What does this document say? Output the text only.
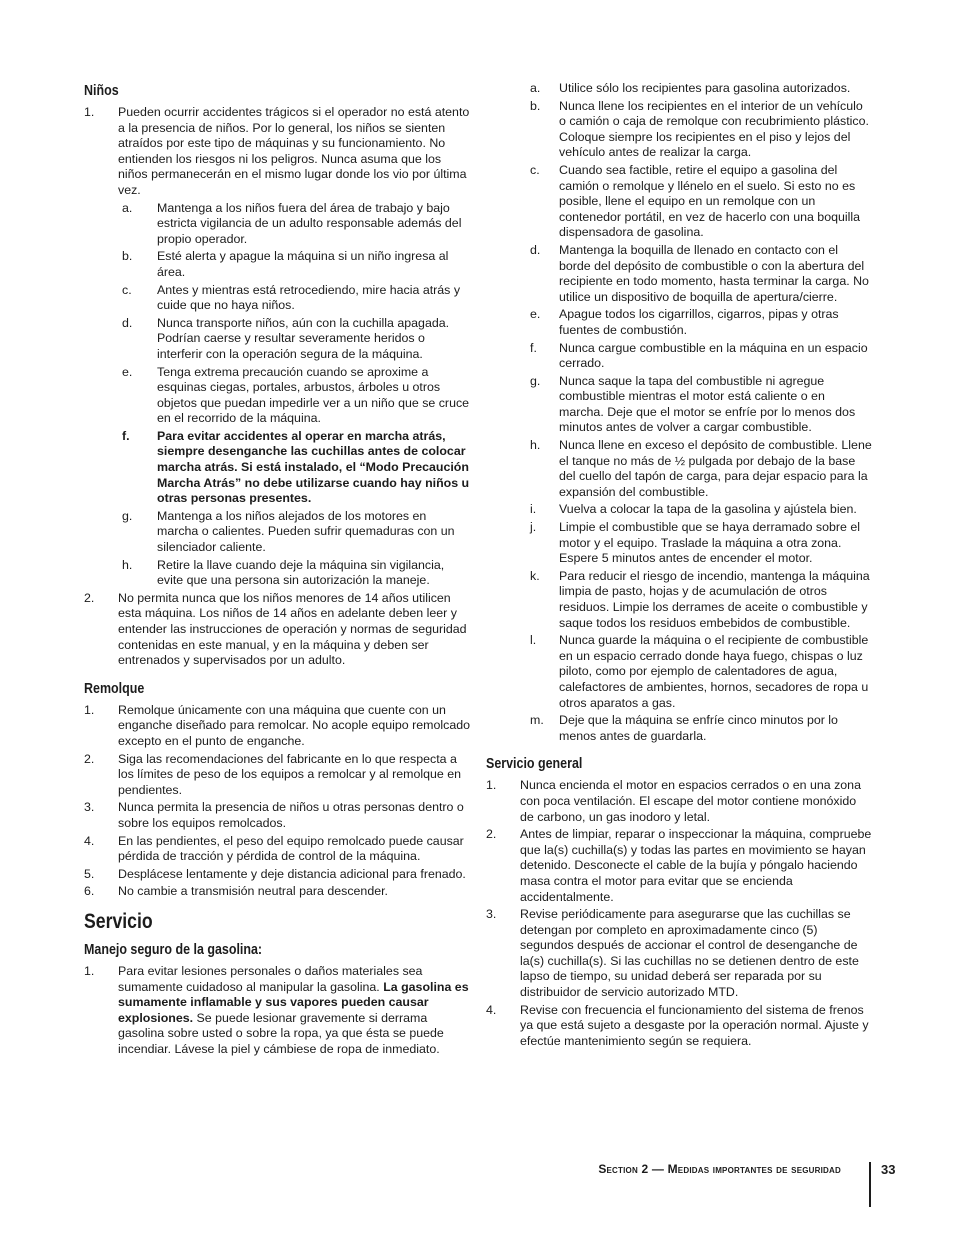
Niños
1.	Pueden ocurrir accidentes trágicos si el operador no está atento a la presencia de niños. Por lo general, los niños se sienten atraídos por este tipo de máquinas y su funcionamiento. No entienden los riesgos ni los peligros. Nunca asuma que los niños permanecerán en el mismo lugar donde los vio por última vez.
a.	Mantenga a los niños fuera del área de trabajo y bajo estricta vigilancia de un adulto responsable además del propio operador.
b.	Esté alerta y apague la máquina si un niño ingresa al área.
c.	Antes y mientras está retrocediendo, mire hacia atrás y cuide que no haya niños.
d.	Nunca transporte niños, aún con la cuchilla apagada. Podrían caerse y resultar severamente heridos o interferir con la operación segura de la máquina.
e.	Tenga extrema precaución cuando se aproxime a esquinas ciegas, portales, arbustos, árboles u otros objetos que puedan impedirle ver a un niño que se cruce en el recorrido de la máquina.
f.	Para evitar accidentes al operar en marcha atrás, siempre desenganche las cuchillas antes de colocar marcha atrás. Si está instalado, el “Modo Precaución Marcha Atrás” no debe utilizarse cuando hay niños u otras personas presentes.
g.	Mantenga a los niños alejados de los motores en marcha o calientes. Pueden sufrir quemaduras con un silenciador caliente.
h.	Retire la llave cuando deje la máquina sin vigilancia, evite que una persona sin autorización la maneje.
2.	No permita nunca que los niños menores de 14 años utilicen esta máquina. Los niños de 14 años en adelante deben leer y entender las instrucciones de operación y normas de seguridad contenidas en este manual, y en la máquina y deben ser entrenados y supervisados por un adulto.
Remolque
1.	Remolque únicamente con una máquina que cuente con un enganche diseñado para remolcar. No acople equipo remolcado excepto en el punto de enganche.
2.	Siga las recomendaciones del fabricante en lo que respecta a los límites de peso de los equipos a remolcar y al remolque en pendientes.
3.	Nunca permita la presencia de niños u otras personas dentro o sobre los equipos remolcados.
4.	En las pendientes, el peso del equipo remolcado puede causar pérdida de tracción y pérdida de control de la máquina.
5.	Desplácese lentamente y deje distancia adicional para frenado.
6.	No cambie a transmisión neutral para descender.
Servicio
Manejo seguro de la gasolina:
1.	Para evitar lesiones personales o daños materiales sea sumamente cuidadoso al manipular la gasolina. La gasolina es sumamente inflamable y sus vapores pueden causar explosiones. Se puede lesionar gravemente si derrama gasolina sobre usted o sobre la ropa, ya que ésta se puede incendiar. Lávese la piel y cámbiese de ropa de inmediato.
a.	Utilice sólo los recipientes para gasolina autorizados.
b.	Nunca llene los recipientes en el interior de un vehículo o camión o caja de remolque con recubrimiento plástico. Coloque siempre los recipientes en el piso y lejos del vehículo antes de realizar la carga.
c.	Cuando sea factible, retire el equipo a gasolina del camión o remolque y llénelo en el suelo. Si esto no es posible, llene el equipo en un remolque con un contenedor portátil, en vez de hacerlo con una boquilla dispensadora de gasolina.
d.	Mantenga la boquilla de llenado en contacto con el borde del depósito de combustible o con la abertura del recipiente en todo momento, hasta terminar la carga. No utilice un dispositivo de boquilla de apertura/cierre.
e.	Apague todos los cigarrillos, cigarros, pipas y otras fuentes de combustión.
f.	Nunca cargue combustible en la máquina en un espacio cerrado.
g.	Nunca saque la tapa del combustible ni agregue combustible mientras el motor está caliente o en marcha. Deje que el motor se enfríe por lo menos dos minutos antes de volver a cargar combustible.
h.	Nunca llene en exceso el depósito de combustible. Llene el tanque no más de ½ pulgada por debajo de la base del cuello del tapón de carga, para dejar espacio para la expansión del combustible.
i.	Vuelva a colocar la tapa de la gasolina y ajústela bien.
j.	Limpie el combustible que se haya derramado sobre el motor y el equipo. Traslade la máquina a otra zona. Espere 5 minutos antes de encender el motor.
k.	Para reducir el riesgo de incendio, mantenga la máquina limpia de pasto, hojas y de acumulación de otros residuos. Limpie los derrames de aceite o combustible y saque todos los residuos embebidos de combustible.
l.	Nunca guarde la máquina o el recipiente de combustible en un espacio cerrado donde haya fuego, chispas o luz piloto, como por ejemplo de calentadores de agua, calefactores de ambientes, hornos, secadores de ropa u otros aparatos a gas.
m.	Deje que la máquina se enfríe cinco minutos por lo menos antes de guardarla.
Servicio general
1.	Nunca encienda el motor en espacios cerrados o en una zona con poca ventilación. El escape del motor contiene monóxido de carbono, un gas inodoro y letal.
2.	Antes de limpiar, reparar o inspeccionar la máquina, compruebe que la(s) cuchilla(s) y todas las partes en movimiento se hayan detenido. Desconecte el cable de la bujía y póngalo haciendo masa contra el motor para evitar que se encienda accidentalmente.
3.	Revise periódicamente para asegurarse que las cuchillas se detengan por completo en aproximadamente cinco (5) segundos después de accionar el control de desenganche de la(s) cuchilla(s). Si las cuchillas no se detienen dentro de este lapso de tiempo, su unidad deberá ser reparada por su distribuidor de servicio autorizado MTD.
4.	Revise con frecuencia el funcionamiento del sistema de frenos ya que está sujeto a desgaste por la operación normal. Ajuste y efectúe mantenimiento según se requiera.
Section 2 — Medidas importantes de seguridad	33
